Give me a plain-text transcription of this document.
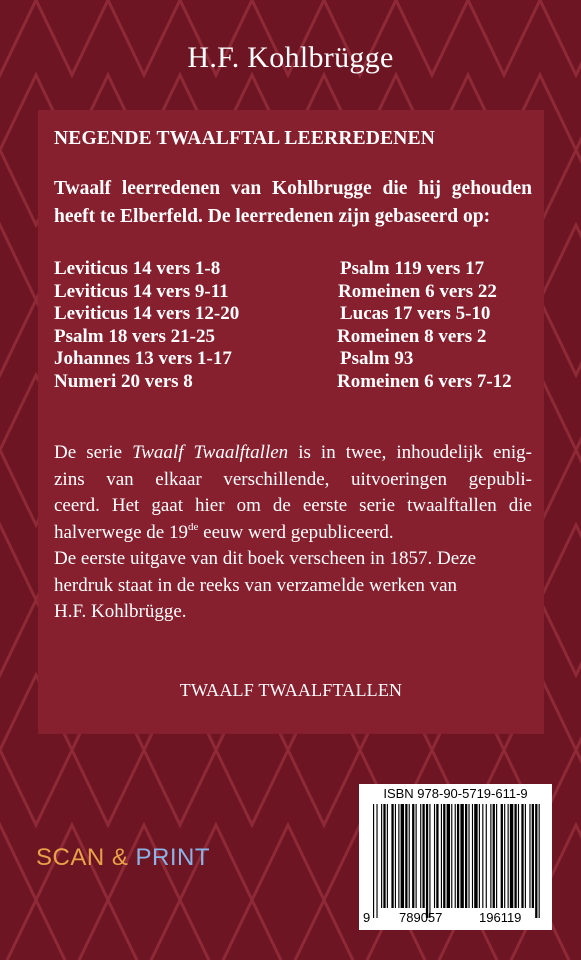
H.F. Kohlbrügge
NEGENDE TWAALFTAL LEERREDENEN
Twaalf leerredenen van Kohlbrugge die hij gehouden heeft te Elberfeld. De leerredenen zijn gebaseerd op:
Leviticus 14 vers 1-8	Psalm 119 vers 17
Leviticus 14 vers 9-11	Romeinen 6 vers 22
Leviticus 14 vers 12-20	Lucas 17 vers 5-10
Psalm 18 vers 21-25	Romeinen 8 vers 2
Johannes 13 vers 1-17	Psalm 93
Numeri 20 vers 8	Romeinen 6 vers 7-12
De serie Twaalf Twaalftallen is in twee, inhoudelijk enig-
zins van elkaar verschillende, uitvoeringen gepubli-
ceerd. Het gaat hier om de eerste serie twaalftallen die
halverwege de 19de eeuw werd gepubliceerd.
De eerste uitgave van dit boek verscheen in 1857. Deze
herdruk staat in de reeks van verzamelde werken van
H.F. Kohlbrügge.
TWAALF TWAALFTALLEN
SCAN & PRINT
ISBN 978-90-5719-611-9
9 789057	196119
